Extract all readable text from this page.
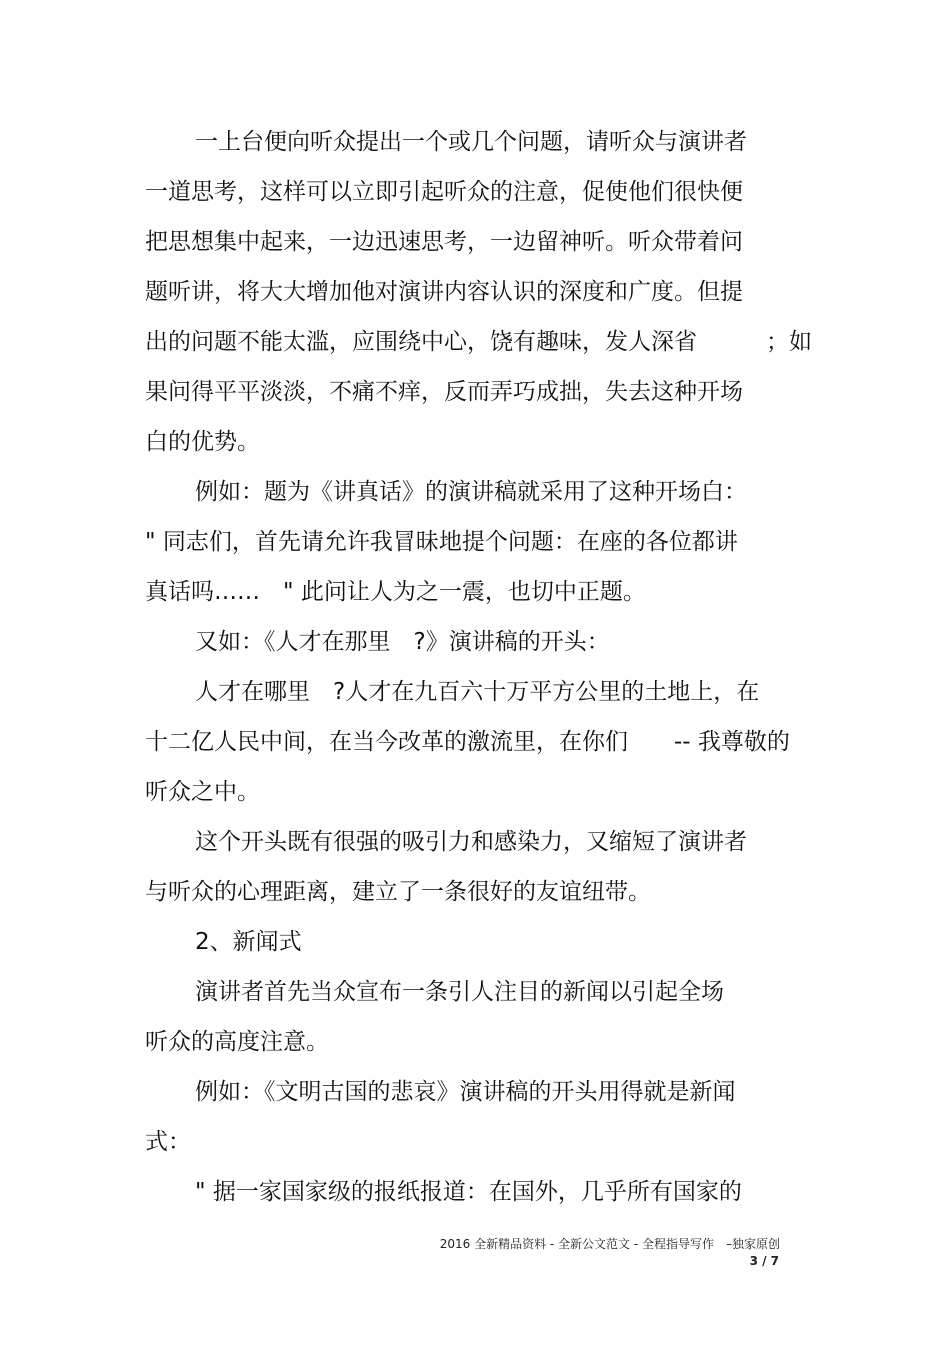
一上台便向听众提出一个或几个问题，请听众与演讲者
一道思考，这样可以立即引起听众的注意，促使他们很快便
把思想集中起来，一边迅速思考，一边留神听。听众带着问
题听讲，将大大增加他对演讲内容认识的深度和广度。但提
出的问题不能太滥，应围绕中心，饶有趣味，发人深省　　　；如
果问得平平淡淡，不痛不痒，反而弄巧成拙，失去这种开场
白的优势。
例如：题为《讲真话》的演讲稿就采用了这种开场白：
" 同志们，首先请允许我冒昧地提个问题：在座的各位都讲
真话吗……　" 此问让人为之一震，也切中正题。
又如：《人才在那里　?》演讲稿的开头：
人才在哪里　?人才在九百六十万平方公里的土地上，在
十二亿人民中间，在当今改革的激流里，在你们　　-- 我尊敬的
听众之中。
这个开头既有很强的吸引力和感染力，又缩短了演讲者
与听众的心理距离，建立了一条很好的友谊纽带。
2、新闻式
演讲者首先当众宣布一条引人注目的新闻以引起全场
听众的高度注意。
例如：《文明古国的悲哀》演讲稿的开头用得就是新闻
式：
" 据一家国家级的报纸报道：在国外，几乎所有国家的
2016 全新精品资料 - 全新公文范文 - 全程指导写作　–独家原创
3 / 7
